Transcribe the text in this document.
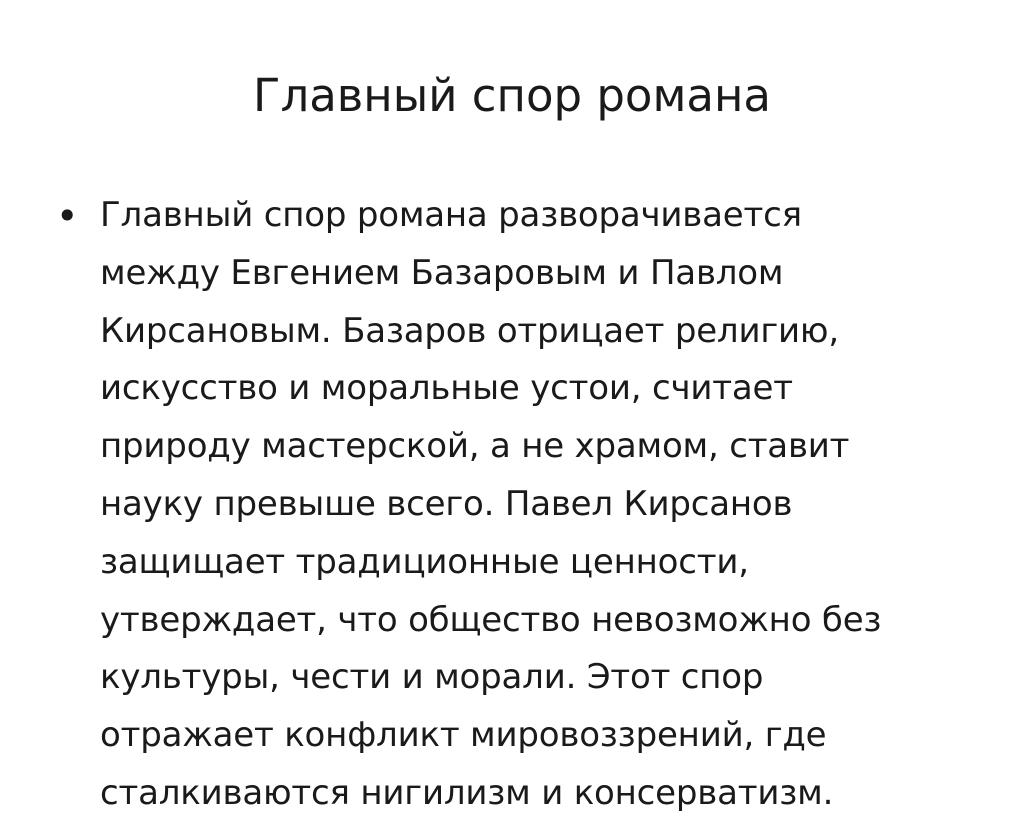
Главный спор романа
• Главный спор романа разворачивается
между Евгением Базаровым и Павлом
Кирсановым. Базаров отрицает религию,
искусство и моральные устои, считает
природу мастерской, а не храмом, ставит
науку превыше всего. Павел Кирсанов
защищает традиционные ценности,
утверждает, что общество невозможно без
культуры, чести и морали. Этот спор
отражает конфликт мировоззрений, где
сталкиваются нигилизм и консерватизм.
